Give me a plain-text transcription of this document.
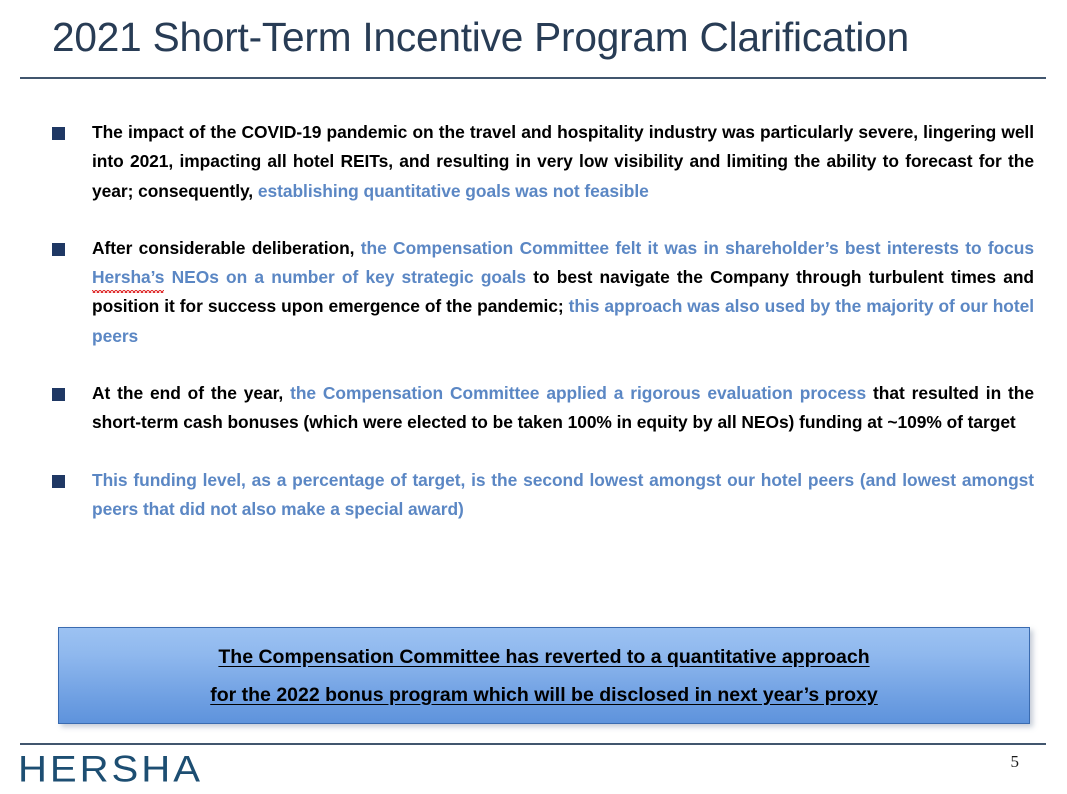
2021 Short-Term Incentive Program Clarification
The impact of the COVID-19 pandemic on the travel and hospitality industry was particularly severe, lingering well into 2021, impacting all hotel REITs, and resulting in very low visibility and limiting the ability to forecast for the year; consequently, establishing quantitative goals was not feasible
After considerable deliberation, the Compensation Committee felt it was in shareholder’s best interests to focus Hersha’s NEOs on a number of key strategic goals to best navigate the Company through turbulent times and position it for success upon emergence of the pandemic; this approach was also used by the majority of our hotel peers
At the end of the year, the Compensation Committee applied a rigorous evaluation process that resulted in the short-term cash bonuses (which were elected to be taken 100% in equity by all NEOs) funding at ~109% of target
This funding level, as a percentage of target, is the second lowest amongst our hotel peers (and lowest amongst peers that did not also make a special award)
The Compensation Committee has reverted to a quantitative approach
for the 2022 bonus program which will be disclosed in next year’s proxy
HERSHA	5
